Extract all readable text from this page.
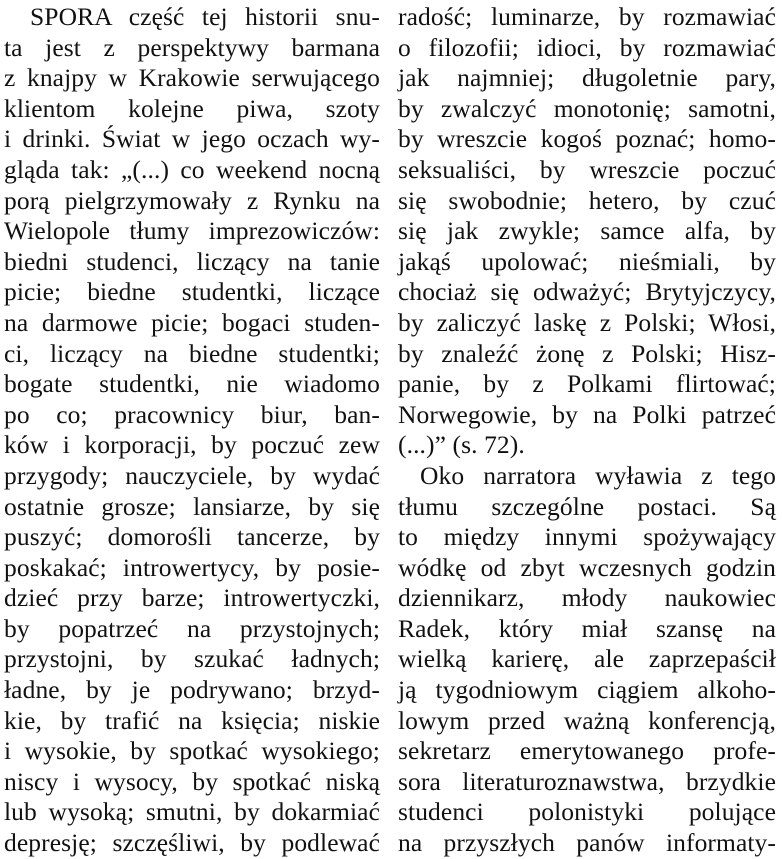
SPORA część tej historii snu-
ta jest z perspektywy barmana
z knajpy w Krakowie serwującego
klientom kolejne piwa, szoty
i drinki. Świat w jego oczach wy-
gląda tak: „(...) co weekend nocną
porą pielgrzymowały z Rynku na
Wielopole tłumy imprezowiczów:
biedni studenci, liczący na tanie
picie; biedne studentki, liczące
na darmowe picie; bogaci studen-
ci, liczący na biedne studentki;
bogate studentki, nie wiadomo
po co; pracownicy biur, ban-
ków i korporacji, by poczuć zew
przygody; nauczyciele, by wydać
ostatnie grosze; lansiarze, by się
puszyć; domorośli tancerze, by
poskakać; introwertycy, by posie-
dzieć przy barze; introwertyczki,
by popatrzeć na przystojnych;
przystojni, by szukać ładnych;
ładne, by je podrywano; brzyd-
kie, by trafić na księcia; niskie
i wysokie, by spotkać wysokiego;
niscy i wysocy, by spotkać niską
lub wysoką; smutni, by dokarmiać
depresję; szczęśliwi, by podlewać
radość; luminarze, by rozmawiać
o filozofii; idioci, by rozmawiać
jak najmniej; długoletnie pary,
by zwalczyć monotonię; samotni,
by wreszcie kogoś poznać; homo-
seksualiści, by wreszcie poczuć
się swobodnie; hetero, by czuć
się jak zwykle; samce alfa, by
jakąś upolować; nieśmiali, by
chociaż się odważyć; Brytyjczycy,
by zaliczyć laskę z Polski; Włosi,
by znaleźć żonę z Polski; Hisz-
panie, by z Polkami flirtować;
Norwegowie, by na Polki patrzeć
(...)” (s. 72).
Oko narratora wyławia z tego
tłumu szczególne postaci. Są
to między innymi spożywający
wódkę od zbyt wczesnych godzin
dziennikarz, młody naukowiec
Radek, który miał szansę na
wielką karierę, ale zaprzepaścił
ją tygodniowym ciągiem alkoho-
lowym przed ważną konferencją,
sekretarz emerytowanego profe-
sora literaturoznawstwa, brzydkie
studenci polonistyki polujące
na przyszłych panów informaty-
